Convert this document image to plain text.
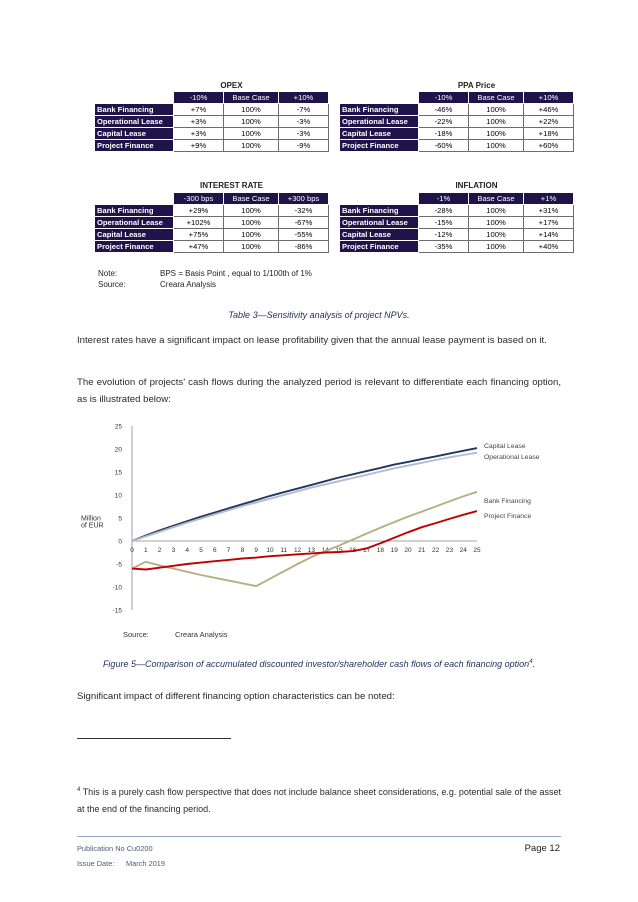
OPEX
	-10%	Base Case	+10%
Bank Financing	+7%	100%	-7%
Operational Lease	+3%	100%	-3%
Capital Lease	+3%	100%	-3%
Project Finance	+9%	100%	-9%
PPA Price
	-10%	Base Case	+10%
Bank Financing	-46%	100%	+46%
Operational Lease	-22%	100%	+22%
Capital Lease	-18%	100%	+18%
Project Finance	-60%	100%	+60%
INTEREST RATE
	-300 bps	Base Case	+300 bps
Bank Financing	+29%	100%	-32%
Operational Lease	+102%	100%	-67%
Capital Lease	+75%	100%	-55%
Project Finance	+47%	100%	-86%
INFLATION
	-1%	Base Case	+1%
Bank Financing	-28%	100%	+31%
Operational Lease	-15%	100%	+17%
Capital Lease	-12%	100%	+14%
Project Finance	-35%	100%	+40%
Note:	BPS = Basis Point , equal to 1/100th of 1%
Source:	Creara Analysis
Table 3—Sensitivity analysis of project NPVs.
Interest rates have a significant impact on lease profitability given that the annual lease payment is based on it.
The evolution of projects’ cash flows during the analyzed period is relevant to differentiate each financing option, as is illustrated below:
-15
-10
-5
0
5
10
15
20
25
0 1 2 3 4 5 6 7 8 9 10 11 12 13 14 15 16 17 18 19 20 21 22 23 24 25
Million
of EUR
Capital Lease
Operational Lease
Bank Financing
Project Finance
Source:	Creara Analysis
Figure 5—Comparison of accumulated discounted investor/shareholder cash flows of each financing option$^4$.
Significant impact of different financing option characteristics can be noted:
$^4$ This is a purely cash flow perspective that does not include balance sheet considerations, e.g. potential sale of the asset at the end of the financing period.
Publication No Cu0200
Issue Date: March 2019
Page 12
